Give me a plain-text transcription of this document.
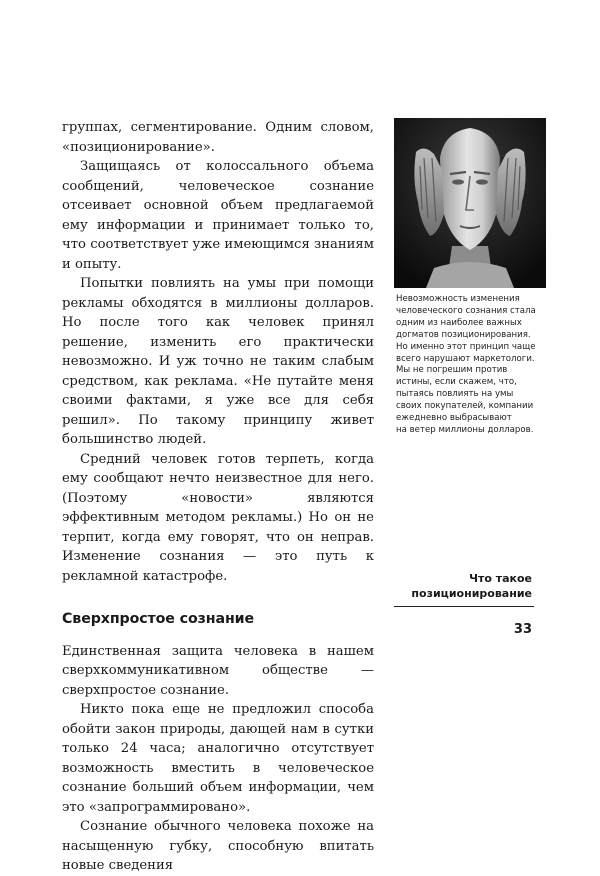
группах, сегментирование. Одним словом, «позиционирование».

Защищаясь от колоссального объема сообщений, человеческое сознание отсеивает основной объем предлагаемой ему информации и принимает только то, что соответствует уже имеющимся знаниям и опыту.

Попытки повлиять на умы при помощи рекламы обходятся в миллионы долларов. Но после того как человек принял решение, изменить его практически невозможно. И уж точно не таким слабым средством, как реклама. «Не путайте меня своими фактами, я уже все для себя решил». По такому принципу живет большинство людей.

Средний человек готов терпеть, когда ему сообщают нечто неизвестное для него. (Поэтому «новости» являются эффективным методом рекламы.) Но он не терпит, когда ему говорят, что он неправ. Изменение сознания — это путь к рекламной катастрофе.

Сверхпростое сознание

Единственная защита человека в нашем сверхкоммуникативном обществе — сверхпростое сознание.

Никто пока еще не предложил способа обойти закон природы, дающей нам в сутки только 24 часа; аналогично отсутствует возможность вместить в человеческое сознание больший объем информации, чем это «запрограммировано».

Сознание обычного человека похоже на насыщенную губку, способную впитать новые сведения

Невозможность изменения
человеческого сознания стала
одним из наиболее важных
догматов позиционирования.
Но именно этот принцип чаще
всего нарушают маркетологи.
Мы не погрешим против
истины, если скажем, что,
пытаясь повлиять на умы
своих покупателей, компании
ежедневно выбрасывают
на ветер миллионы долларов.
Что такое
позиционирование
33
